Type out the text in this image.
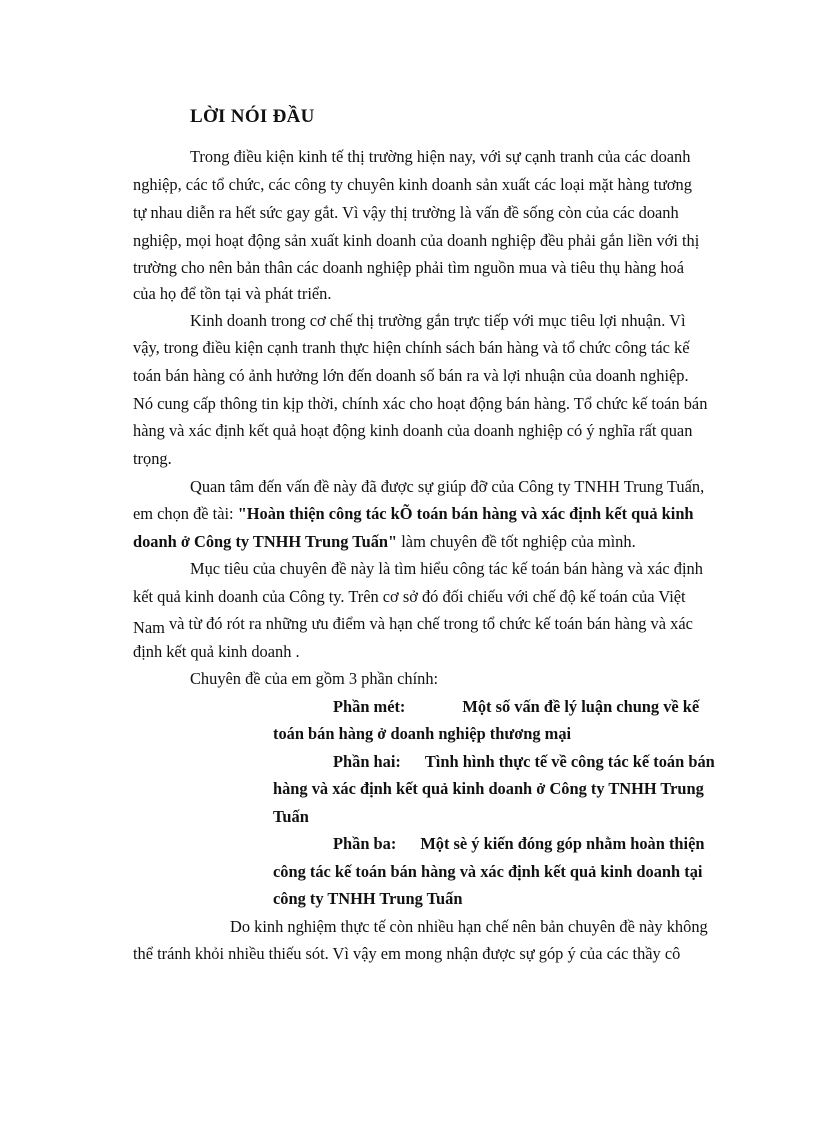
LỜI NÓI ĐẦU
Trong điều kiện kinh tế thị trường hiện nay, với sự cạnh tranh của các doanh
nghiệp, các tổ chức, các công ty chuyên kinh doanh sản xuất các loại mặt hàng tương
tự nhau diễn ra hết sức gay gắt. Vì vậy thị trường là vấn đề sống còn của các doanh
nghiệp, mọi hoạt động sản xuất kinh doanh của doanh nghiệp đều phải gắn liền với thị
trường cho nên bản thân các doanh nghiệp phải tìm nguồn mua và tiêu thụ hàng hoá
của họ để tồn tại và phát triển.
Kinh doanh trong cơ chế thị trường gắn trực tiếp với mục tiêu lợi nhuận. Vì
vậy, trong điều kiện cạnh tranh thực hiện chính sách bán hàng và tổ chức công tác kế
toán bán hàng có ảnh hưởng lớn đến doanh số bán ra và lợi nhuận của doanh nghiệp.
Nó cung cấp thông tin kịp thời, chính xác cho hoạt động bán hàng. Tổ chức kế toán bán
hàng và xác định kết quả hoạt động kinh doanh của doanh nghiệp có ý nghĩa rất quan
trọng.
Quan tâm đến vấn đề này đã được sự giúp đỡ của Công ty TNHH Trung Tuấn,
em chọn đề tài: "Hoàn thiện công tác kÕ toán bán hàng và xác định kết quả kinh
doanh ở Công ty TNHH Trung Tuấn" làm chuyên đề tốt nghiệp của mình.
Mục tiêu của chuyên đề này là tìm hiểu công tác kế toán bán hàng và xác định
kết quả kinh doanh của Công ty. Trên cơ sở đó đối chiếu với chế độ kế toán của Việt
Nam và từ đó rót ra những ưu điểm và hạn chế trong tổ chức kế toán bán hàng và xác
định kết quả kinh doanh .
Chuyên đề của em gồm 3 phần chính:
Phần mét:	Một số vấn đề lý luận chung về kế
toán bán hàng ở doanh nghiệp thương mại
Phần hai: Tình hình thực tế về công tác kế toán bán
hàng và xác định kết quả kinh doanh ở Công ty TNHH Trung
Tuấn
Phần ba: Một sè ý kiến đóng góp nhằm hoàn thiện
công tác kế toán bán hàng và xác định kết quả kinh doanh tại
công ty TNHH Trung Tuấn
Do kinh nghiệm thực tế còn nhiều hạn chế nên bản chuyên đề này không
thể tránh khỏi nhiều thiếu sót. Vì vậy em mong nhận được sự góp ý của các thầy cô
